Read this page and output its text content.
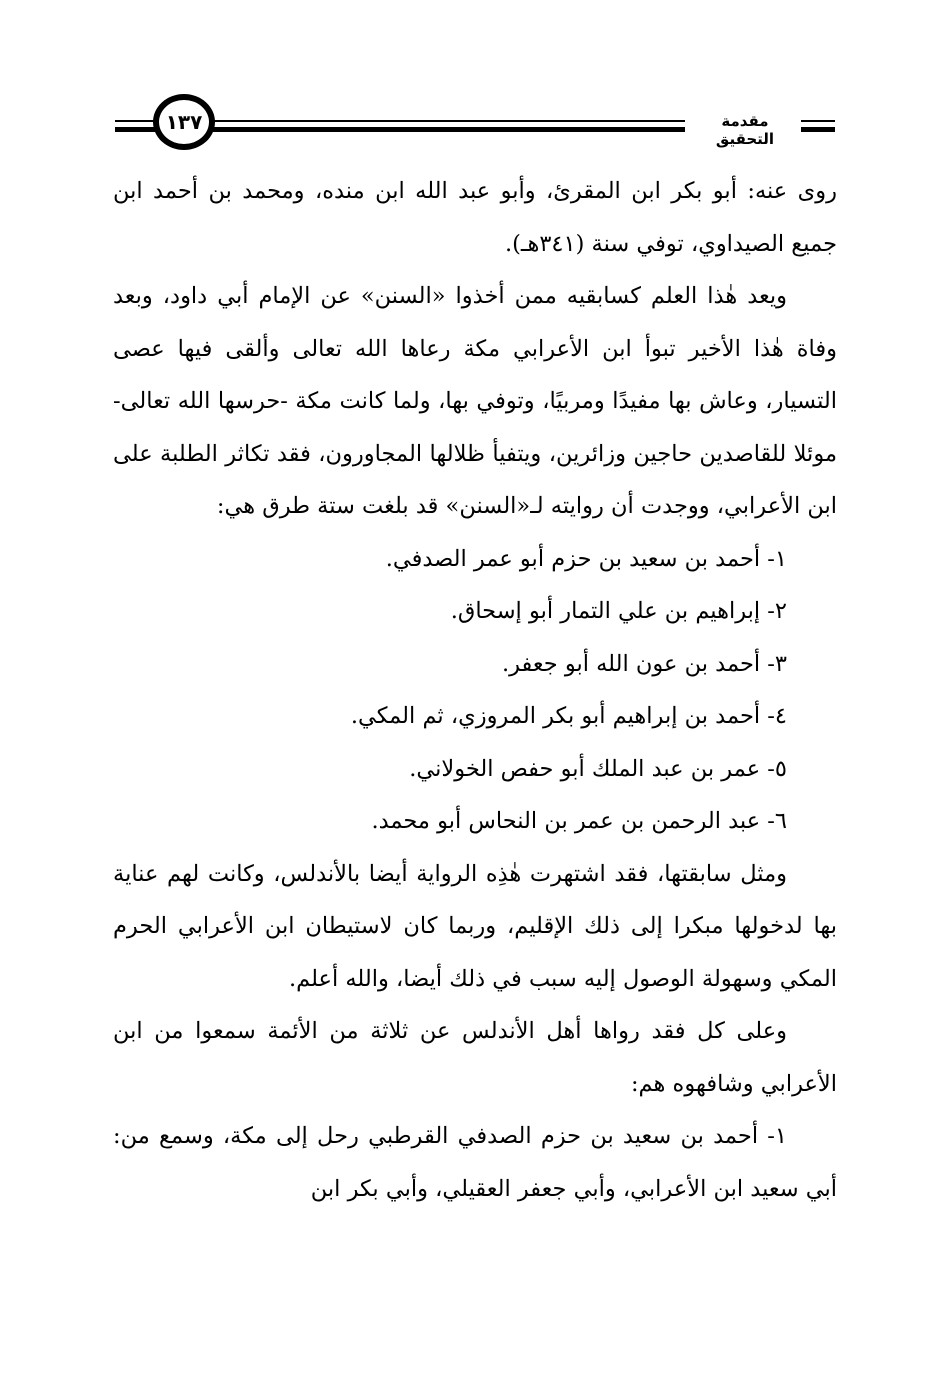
١٣٧	مقدمة التحقيق

روى عنه: أبو بكر ابن المقرئ، وأبو عبد الله ابن منده، ومحمد بن أحمد ابن جميع الصيداوي، توفي سنة (٣٤١هـ).

ويعد هٰذا العلم كسابقيه ممن أخذوا «السنن» عن الإمام أبي داود، وبعد وفاة هٰذا الأخير تبوأ ابن الأعرابي مكة رعاها الله تعالى وألقى فيها عصى التسيار، وعاش بها مفيدًا ومربيًا، وتوفي بها، ولما كانت مكة -حرسها الله تعالى- موئلا للقاصدين حاجين وزائرين، ويتفيأ ظلالها المجاورون، فقد تكاثر الطلبة على ابن الأعرابي، ووجدت أن روايته لـ«السنن» قد بلغت ستة طرق هي:

١- أحمد بن سعيد بن حزم أبو عمر الصدفي.
٢- إبراهيم بن علي التمار أبو إسحاق.
٣- أحمد بن عون الله أبو جعفر.
٤- أحمد بن إبراهيم أبو بكر المروزي، ثم المكي.
٥- عمر بن عبد الملك أبو حفص الخولاني.
٦- عبد الرحمن بن عمر بن النحاس أبو محمد.

ومثل سابقتها، فقد اشتهرت هٰذِه الرواية أيضا بالأندلس، وكانت لهم عناية بها لدخولها مبكرا إلى ذلك الإقليم، وربما كان لاستيطان ابن الأعرابي الحرم المكي وسهولة الوصول إليه سبب في ذلك أيضا، والله أعلم.

وعلى كل فقد رواها أهل الأندلس عن ثلاثة من الأئمة سمعوا من ابن الأعرابي وشافهوه هم:

١- أحمد بن سعيد بن حزم الصدفي القرطبي رحل إلى مكة، وسمع من: أبي سعيد ابن الأعرابي، وأبي جعفر العقيلي، وأبي بكر ابن
